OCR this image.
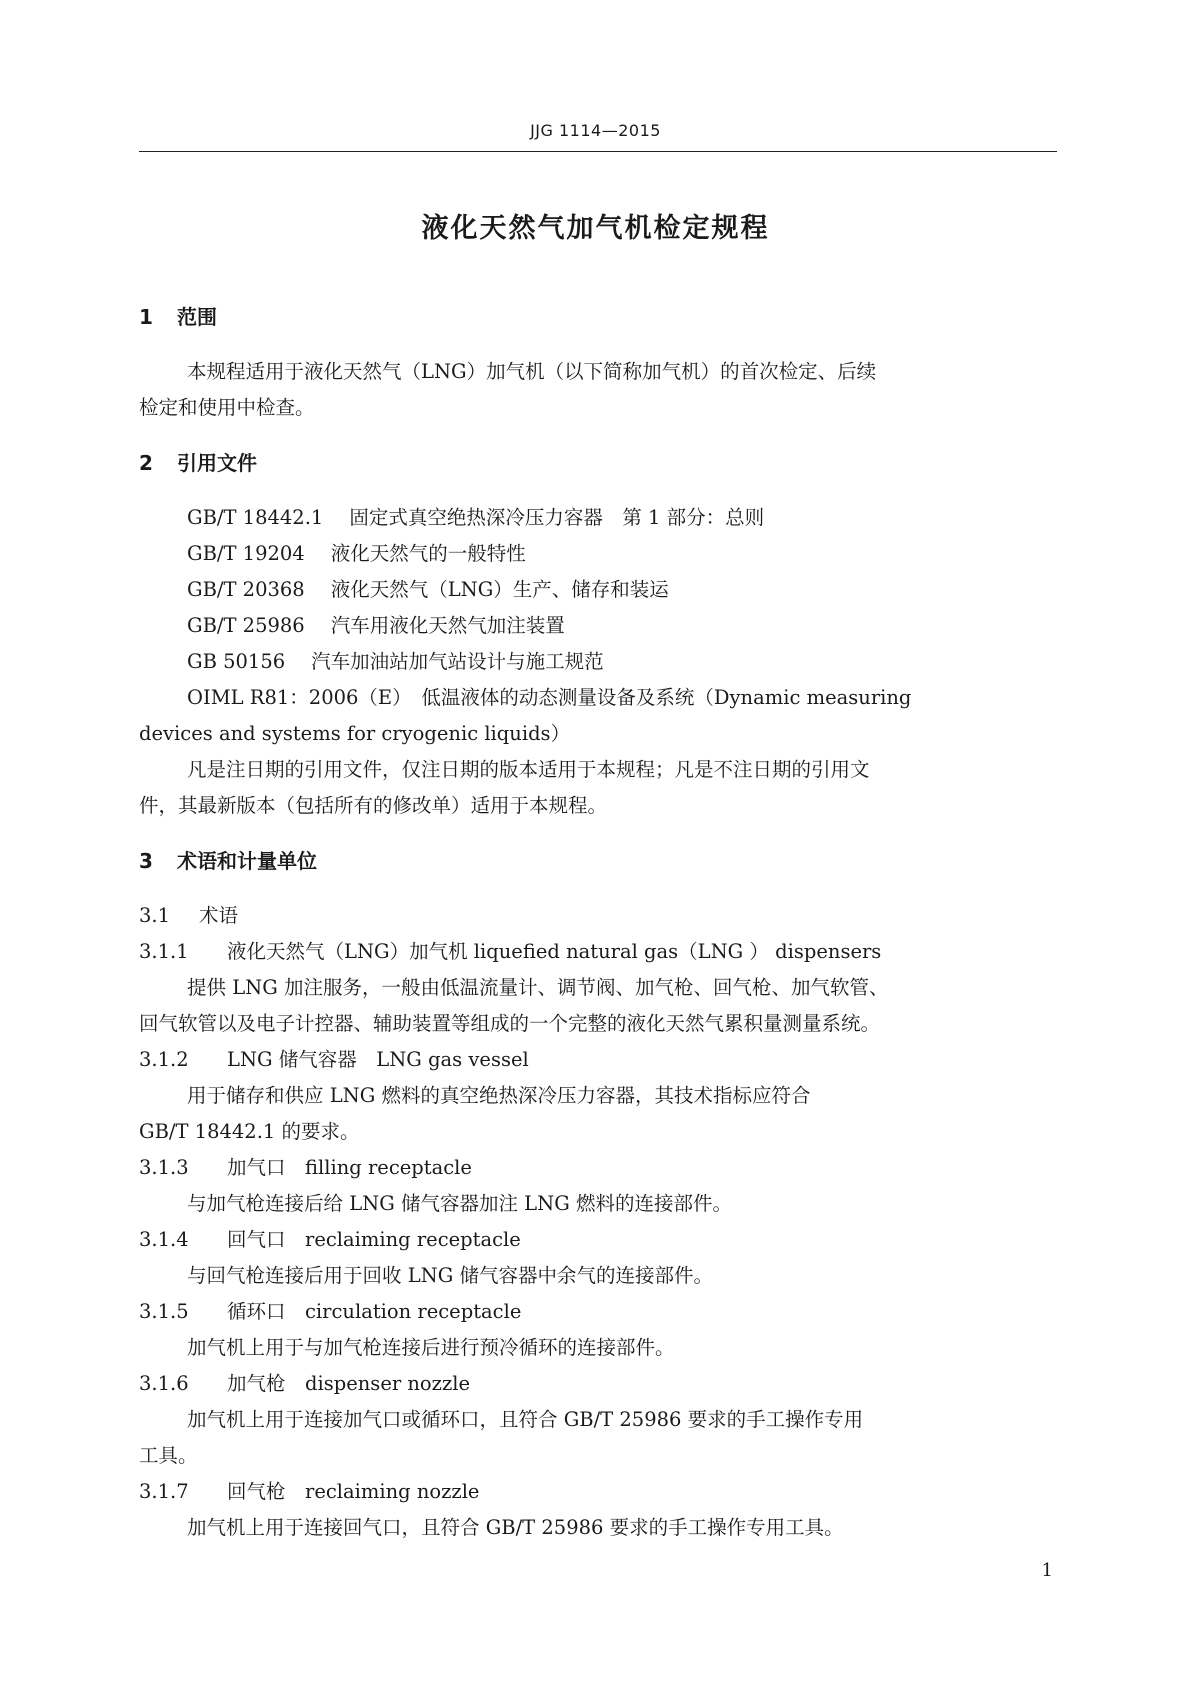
JJG 1114—2015
液化天然气加气机检定规程
1 范围
本规程适用于液化天然气（LNG）加气机（以下简称加气机）的首次检定、后续
检定和使用中检查。
2 引用文件
GB/T 18442.1 固定式真空绝热深冷压力容器　第 1 部分：总则
GB/T 19204 液化天然气的一般特性
GB/T 20368 液化天然气（LNG）生产、储存和装运
GB/T 25986 汽车用液化天然气加注装置
GB 50156 汽车加油站加气站设计与施工规范
OIML R81：2006（E）　低温液体的动态测量设备及系统（Dynamic measuring
devices and systems for cryogenic liquids）
凡是注日期的引用文件，仅注日期的版本适用于本规程；凡是不注日期的引用文
件，其最新版本（包括所有的修改单）适用于本规程。
3 术语和计量单位
3.1 术语
3.1.1 液化天然气（LNG）加气机 liquefied natural gas（LNG ） dispensers
提供 LNG 加注服务，一般由低温流量计、调节阀、加气枪、回气枪、加气软管、
回气软管以及电子计控器、辅助装置等组成的一个完整的液化天然气累积量测量系统。
3.1.2 LNG 储气容器　LNG gas vessel
用于储存和供应 LNG 燃料的真空绝热深冷压力容器，其技术指标应符合
GB/T 18442.1 的要求。
3.1.3 加气口　filling receptacle
与加气枪连接后给 LNG 储气容器加注 LNG 燃料的连接部件。
3.1.4 回气口　reclaiming receptacle
与回气枪连接后用于回收 LNG 储气容器中余气的连接部件。
3.1.5 循环口　circulation receptacle
加气机上用于与加气枪连接后进行预冷循环的连接部件。
3.1.6 加气枪　dispenser nozzle
加气机上用于连接加气口或循环口，且符合 GB/T 25986 要求的手工操作专用
工具。
3.1.7 回气枪　reclaiming nozzle
加气机上用于连接回气口，且符合 GB/T 25986 要求的手工操作专用工具。
1
